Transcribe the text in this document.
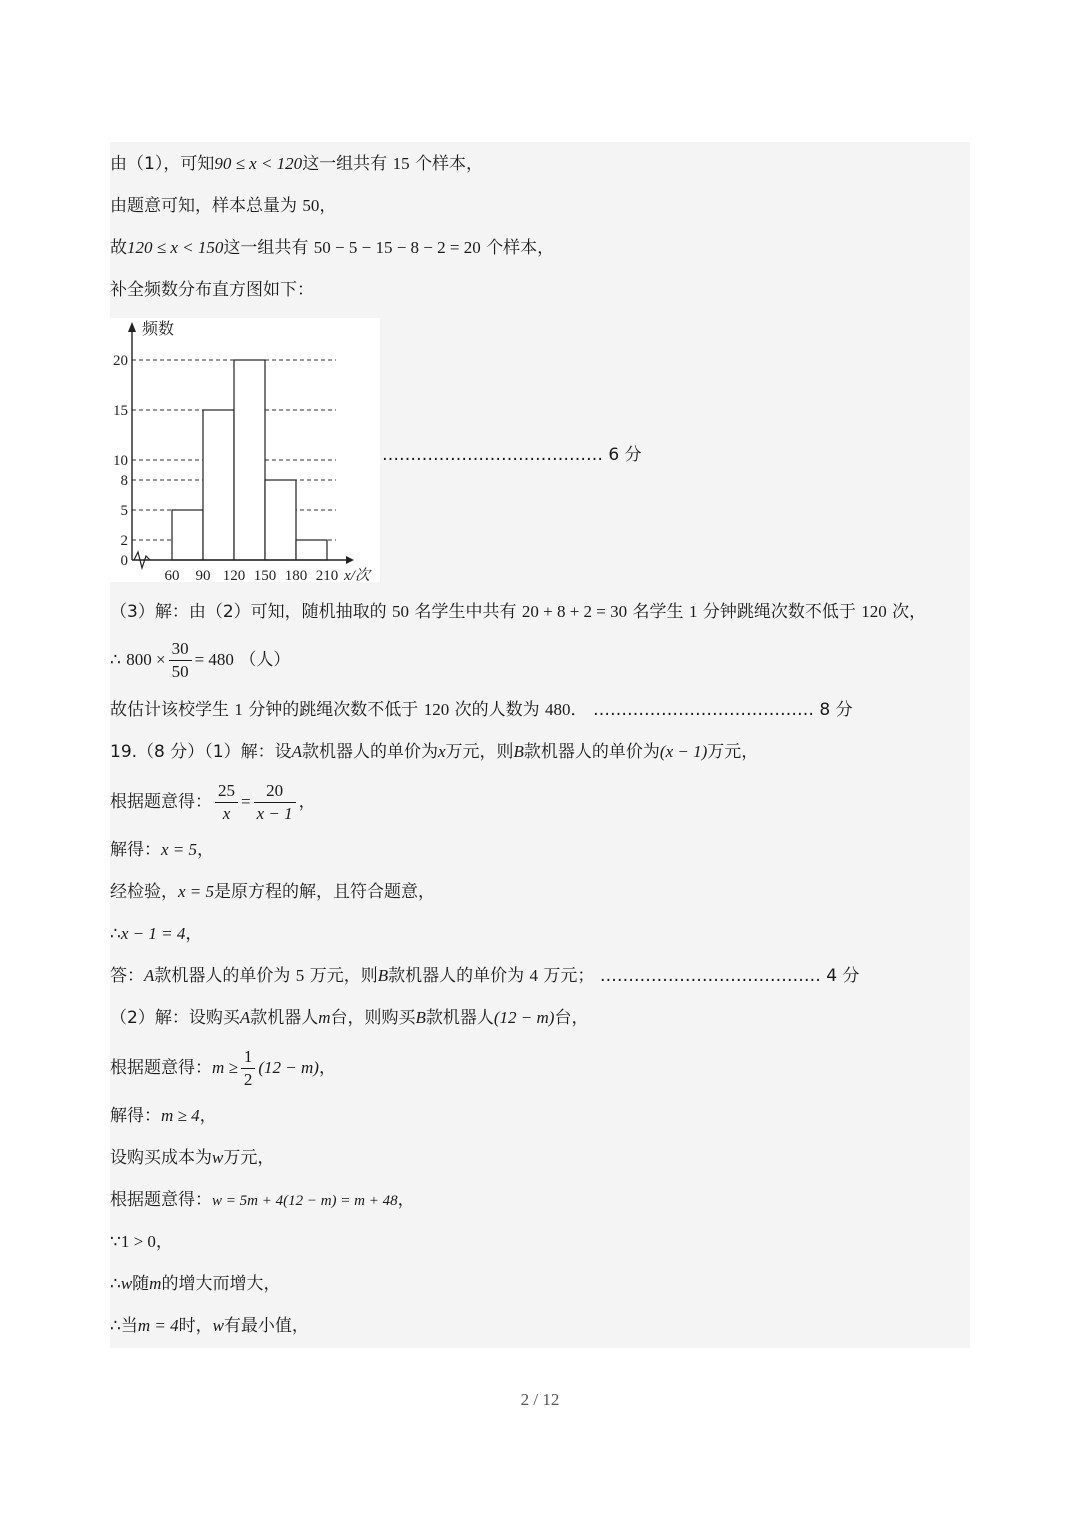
由（1），可知90 ≤ x < 120这一组共有 15 个样本，
由题意可知，样本总量为 50，
故120 ≤ x < 150这一组共有 50 − 5 − 15 − 8 − 2 = 20 个样本，
补全频数分布直方图如下：
0
2
5
8
10
15
20
60 90 120 150 180 210
频数
x/次
………………………………… 6 分
（3）解：由（2）可知，随机抽取的 50 名学生中共有 20 + 8 + 2 = 30 名学生 1 分钟跳绳次数不低于 120 次，
∴ $800 \times \frac{30}{50} = 480$ （人）
故估计该校学生 1 分钟的跳绳次数不低于 120 次的人数为 480． ………………………………… 8 分
19.（8 分）（1）解：设A款机器人的单价为x万元，则B款机器人的单价为(x − 1)万元，
根据题意得： $\frac{25}{x} = \frac{20}{x - 1}$ ，
解得：x = 5，
经检验，x = 5是原方程的解，且符合题意，
∴x − 1 = 4，
答：A款机器人的单价为 5 万元，则B款机器人的单价为 4 万元； ………………………………… 4 分
（2）解：设购买A款机器人m台，则购买B款机器人(12 − m)台，
根据题意得：$m \ge \frac{1}{2} (12 - m)$，
解得：m ≥ 4，
设购买成本为w万元，
根据题意得：w = 5m + 4(12 − m) = m + 48，
∵1 > 0，
∴w随m的增大而增大，
∴当m = 4时，w有最小值，
2 / 12
